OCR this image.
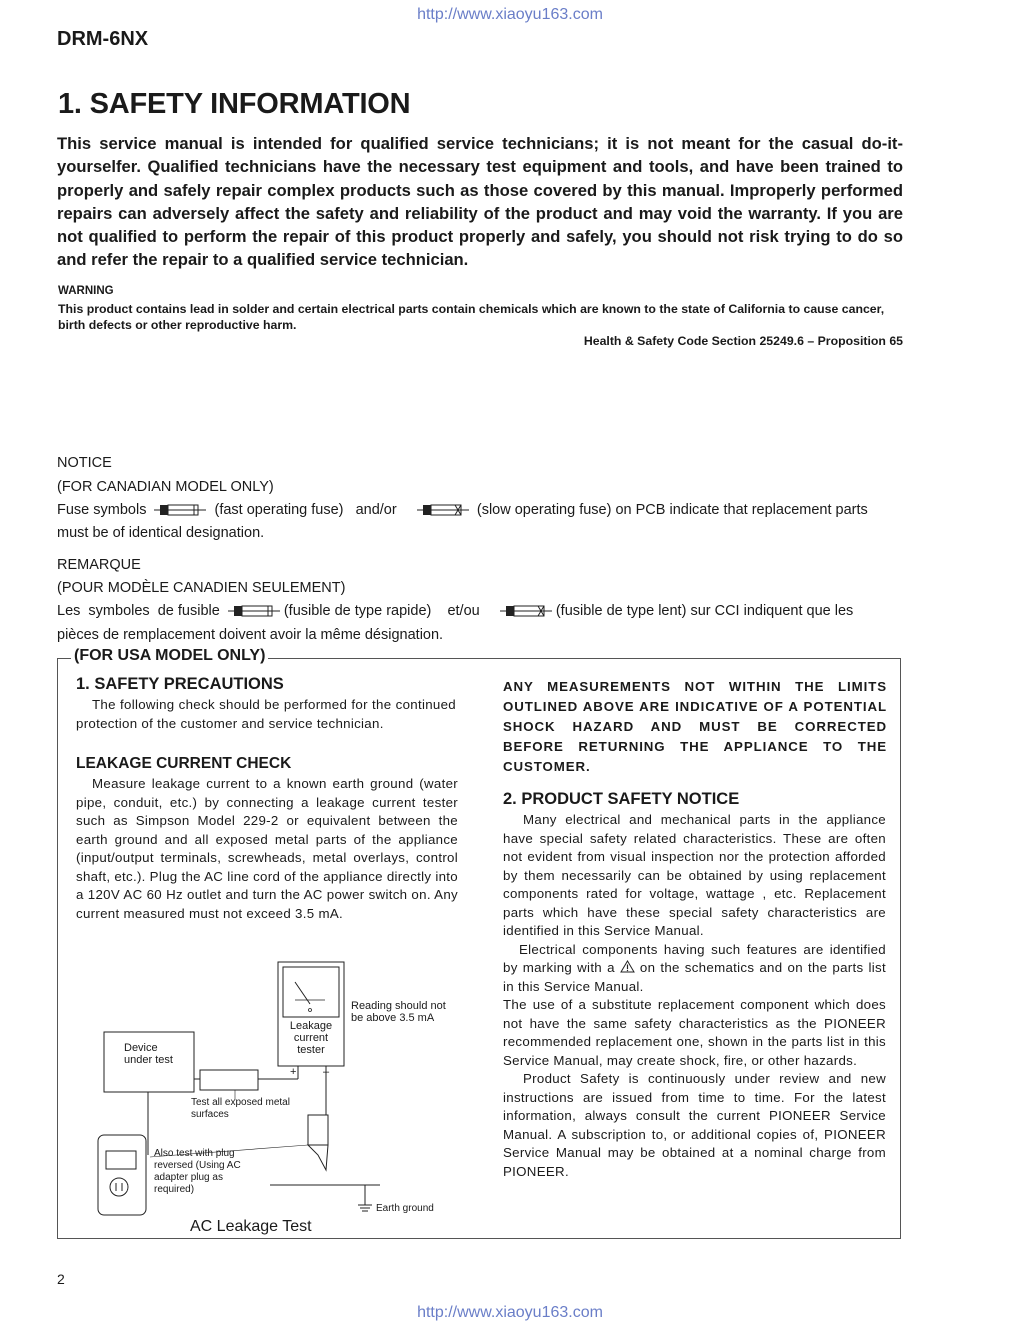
http://www.xiaoyu163.com
DRM-6NX
1. SAFETY INFORMATION
This service manual is intended for qualified service technicians; it is not meant for the casual do-it-yourselfer. Qualified technicians have the necessary test equipment and tools, and have been trained to properly and safely repair complex products such as those covered by this manual. Improperly performed repairs can adversely affect the safety and reliability of the product and may void the warranty. If you are not qualified to perform the repair of this product properly and safely, you should not risk trying to do so and refer the repair to a qualified service technician.
WARNING
This product contains lead in solder and certain electrical parts contain chemicals which are known to the state of California to cause cancer, birth defects or other reproductive harm.
Health & Safety Code Section 25249.6 – Proposition 65
NOTICE
(FOR CANADIAN MODEL ONLY)
Fuse symbols	(fast operating fuse) and/or	(slow operating fuse) on PCB indicate that replacement parts
must be of identical designation.
REMARQUE
(POUR MODÈLE CANADIEN SEULEMENT)
Les  symboles  de fusible	(fusible de type rapide) et/ou	(fusible de type lent) sur CCI indiquent que les
pièces de remplacement doivent avoir la même désignation.
(FOR USA MODEL ONLY)
1. SAFETY PRECAUTIONS
The following check should be performed for the continued protection of the customer and service technician.
LEAKAGE CURRENT CHECK
Measure leakage current to a known earth ground (water pipe, conduit, etc.) by connecting a leakage current tester such as Simpson Model 229-2 or equivalent between the earth ground and all exposed metal parts of the appliance (input/output terminals, screwheads, metal overlays, control shaft, etc.). Plug the AC line cord of the appliance directly into a 120V AC 60 Hz outlet and turn the AC power switch on. Any current measured must not exceed 3.5 mA.
ANY MEASUREMENTS NOT WITHIN THE LIMITS OUTLINED ABOVE ARE INDICATIVE OF A POTENTIAL SHOCK HAZARD AND MUST BE CORRECTED BEFORE RETURNING THE APPLIANCE TO THE CUSTOMER.
2. PRODUCT SAFETY NOTICE
Many electrical and mechanical parts in the appliance have special safety related characteristics. These are often not evident from visual inspection nor the protection afforded by them necessarily can be obtained by using replacement components rated for voltage, wattage , etc. Replacement parts which have these special safety characteristics are identified in this Service Manual.
Electrical components having such features are identified by marking with a on the schematics and on the parts list in this Service Manual.
The use of a substitute replacement component which does not have the same safety characteristics as the PIONEER recommended replacement one, shown in the parts list in this Service Manual, may create shock, fire, or other hazards.
Product Safety is continuously under review and new instructions are issued from time to time. For the latest information, always consult the current PIONEER Service Manual. A subscription to, or additional copies of, PIONEER Service Manual may be obtained at a nominal charge from PIONEER.
Device under test
Leakage current tester
Reading should not be above 3.5 mA
+ –
Test all exposed metal surfaces
Also test with plug reversed (Using AC adapter plug as required)
Earth ground
AC Leakage Test
2
http://www.xiaoyu163.com
